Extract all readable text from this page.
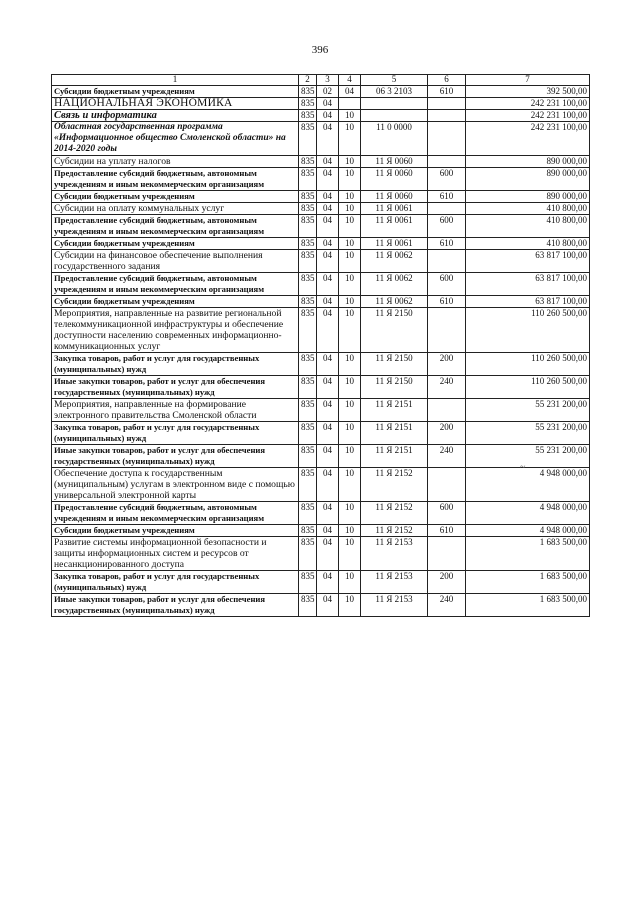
396
1	2	3	4	5	6	7
Субсидии бюджетным учреждениям	835	02	04	06 3 2103	610	392 500,00
НАЦИОНАЛЬНАЯ ЭКОНОМИКА	835	04				242 231 100,00
Связь и информатика	835	04	10			242 231 100,00
Областная государственная программа «Информационное общество Смоленской области» на 2014-2020 годы	835	04	10	11 0 0000		242 231 100,00
Субсидии на уплату налогов	835	04	10	11 Я 0060		890 000,00
Предоставление субсидий бюджетным, автономным учреждениям и иным некоммерческим организациям	835	04	10	11 Я 0060	600	890 000,00
Субсидии бюджетным учреждениям	835	04	10	11 Я 0060	610	890 000,00
Субсидии на оплату коммунальных услуг	835	04	10	11 Я 0061		410 800,00
Предоставление субсидий бюджетным, автономным учреждениям и иным некоммерческим организациям	835	04	10	11 Я 0061	600	410 800,00
Субсидии бюджетным учреждениям	835	04	10	11 Я 0061	610	410 800,00
Субсидии на финансовое обеспечение выполнения государственного задания	835	04	10	11 Я 0062		63 817 100,00
Предоставление субсидий бюджетным, автономным учреждениям и иным некоммерческим организациям	835	04	10	11 Я 0062	600	63 817 100,00
Субсидии бюджетным учреждениям	835	04	10	11 Я 0062	610	63 817 100,00
Мероприятия, направленные на развитие региональной телекоммуникационной инфраструктуры и обеспечение доступности населению современных информационно-коммуникационных услуг	835	04	10	11 Я 2150		110 260 500,00
Закупка товаров, работ и услуг для государственных (муниципальных) нужд	835	04	10	11 Я 2150	200	110 260 500,00
Иные закупки товаров, работ и услуг для обеспечения государственных (муниципальных) нужд	835	04	10	11 Я 2150	240	110 260 500,00
Мероприятия, направленные на формирование электронного правительства Смоленской области	835	04	10	11 Я 2151		55 231 200,00
Закупка товаров, работ и услуг для государственных (муниципальных) нужд	835	04	10	11 Я 2151	200	55 231 200,00
Иные закупки товаров, работ и услуг для обеспечения государственных (муниципальных) нужд	835	04	10	11 Я 2151	240	55 231 200,00
Обеспечение доступа к государственным (муниципальным) услугам в электронном виде с помощью универсальной электронной карты	835	04	10	11 Я 2152		4 948 000,00
Предоставление субсидий бюджетным, автономным учреждениям и иным некоммерческим организациям	835	04	10	11 Я 2152	600	4 948 000,00
Субсидии бюджетным учреждениям	835	04	10	11 Я 2152	610	4 948 000,00
Развитие системы информационной безопасности и защиты информационных систем и ресурсов от несанкционированного доступа	835	04	10	11 Я 2153		1 683 500,00
Закупка товаров, работ и услуг для государственных (муниципальных) нужд	835	04	10	11 Я 2153	200	1 683 500,00
Иные закупки товаров, работ и услуг для обеспечения государственных (муниципальных) нужд	835	04	10	11 Я 2153	240	1 683 500,00
~
